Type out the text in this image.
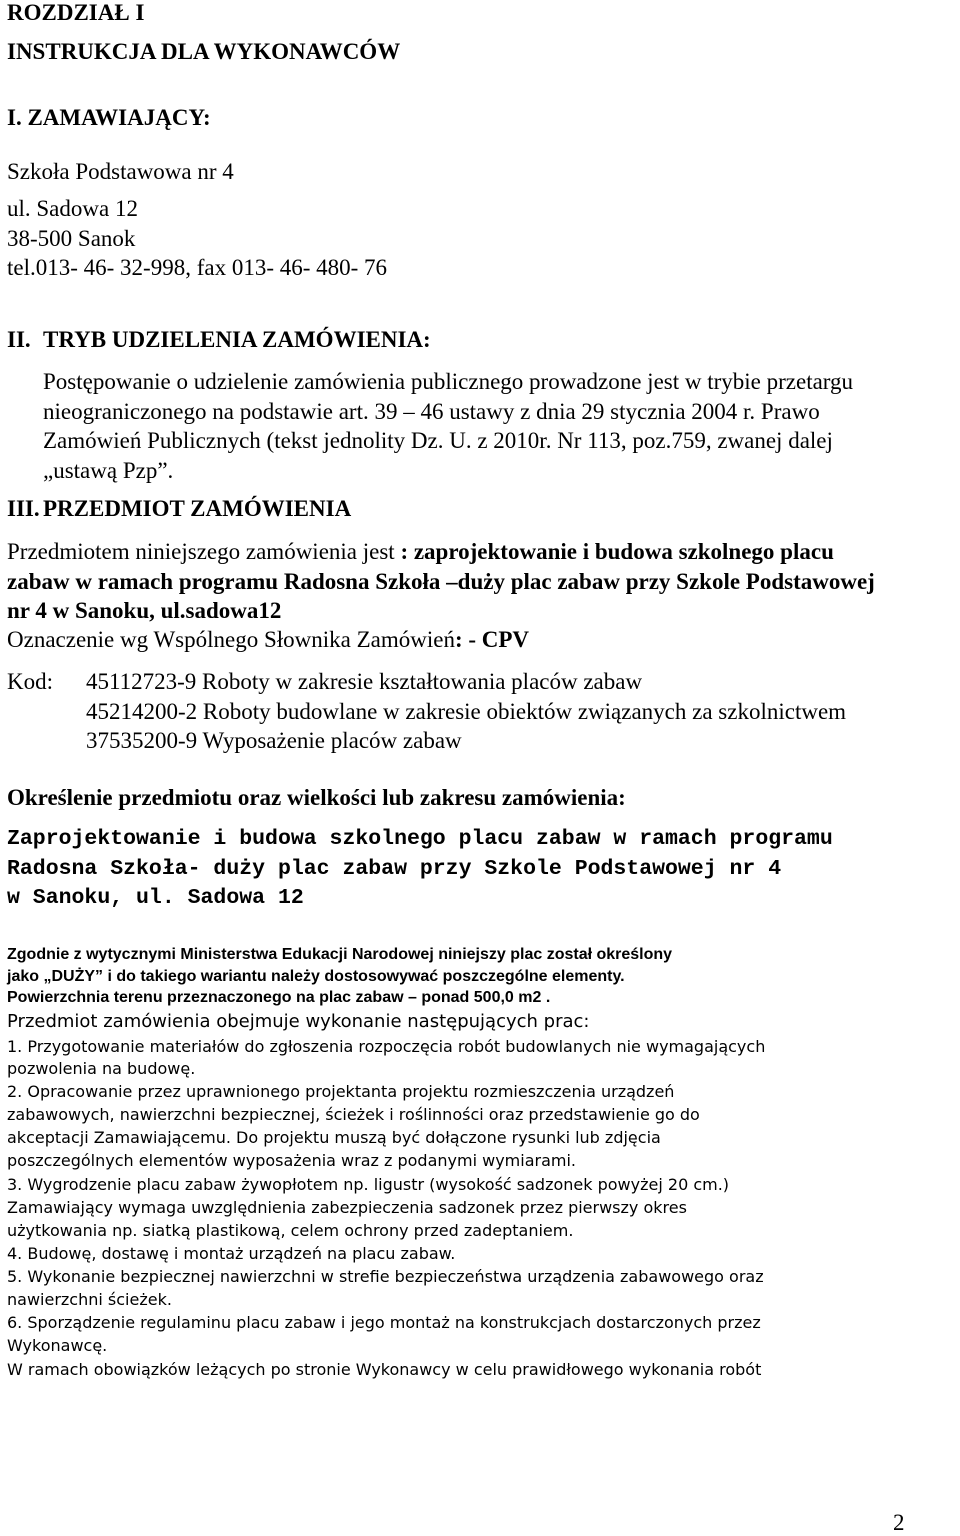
ROZDZIAŁ I
INSTRUKCJA DLA WYKONAWCÓW
I. ZAMAWIAJĄCY:
Szkoła Podstawowa nr 4
ul. Sadowa 12
38-500 Sanok
tel.013- 46- 32-998, fax 013- 46- 480- 76
II. TRYB UDZIELENIA ZAMÓWIENIA:
Postępowanie o udzielenie zamówienia publicznego prowadzone jest w trybie przetargu
nieograniczonego na podstawie art. 39 – 46 ustawy z dnia 29 stycznia 2004 r. Prawo
Zamówień Publicznych (tekst jednolity Dz. U. z 2010r. Nr 113, poz.759, zwanej dalej
„ustawą Pzp”.
III. PRZEDMIOT ZAMÓWIENIA
Przedmiotem niniejszego zamówienia jest : zaprojektowanie i budowa szkolnego placu
zabaw w ramach programu Radosna Szkoła –duży plac zabaw przy Szkole Podstawowej
nr 4 w Sanoku, ul.sadowa12
Oznaczenie wg Wspólnego Słownika Zamówień: - CPV
Kod: 45112723-9 Roboty w zakresie kształtowania placów zabaw
45214200-2 Roboty budowlane w zakresie obiektów związanych za szkolnictwem
37535200-9 Wyposażenie placów zabaw
Określenie przedmiotu oraz wielkości lub zakresu zamówienia:
Zaprojektowanie i budowa szkolnego placu zabaw w ramach programu
Radosna Szkoła- duży plac zabaw przy Szkole Podstawowej nr 4
w Sanoku, ul. Sadowa 12
Zgodnie z wytycznymi Ministerstwa Edukacji Narodowej niniejszy plac został określony
jako „DUŻY” i do takiego wariantu należy dostosowywać poszczególne elementy.
Powierzchnia terenu przeznaczonego na plac zabaw – ponad 500,0 m2 .
Przedmiot zamówienia obejmuje wykonanie następujących prac:
1. Przygotowanie materiałów do zgłoszenia rozpoczęcia robót budowlanych nie wymagających
pozwolenia na budowę.
2. Opracowanie przez uprawnionego projektanta projektu rozmieszczenia urządzeń
zabawowych, nawierzchni bezpiecznej, ścieżek i roślinności oraz przedstawienie go do
akceptacji Zamawiającemu. Do projektu muszą być dołączone rysunki lub zdjęcia
poszczególnych elementów wyposażenia wraz z podanymi wymiarami.
3. Wygrodzenie placu zabaw żywopłotem np. ligustr (wysokość sadzonek powyżej 20 cm.)
Zamawiający wymaga uwzględnienia zabezpieczenia sadzonek przez pierwszy okres
użytkowania np. siatką plastikową, celem ochrony przed zadeptaniem.
4. Budowę, dostawę i montaż urządzeń na placu zabaw.
5. Wykonanie bezpiecznej nawierzchni w strefie bezpieczeństwa urządzenia zabawowego oraz
nawierzchni ścieżek.
6. Sporządzenie regulaminu placu zabaw i jego montaż na konstrukcjach dostarczonych przez
Wykonawcę.
W ramach obowiązków leżących po stronie Wykonawcy w celu prawidłowego wykonania robót
2
